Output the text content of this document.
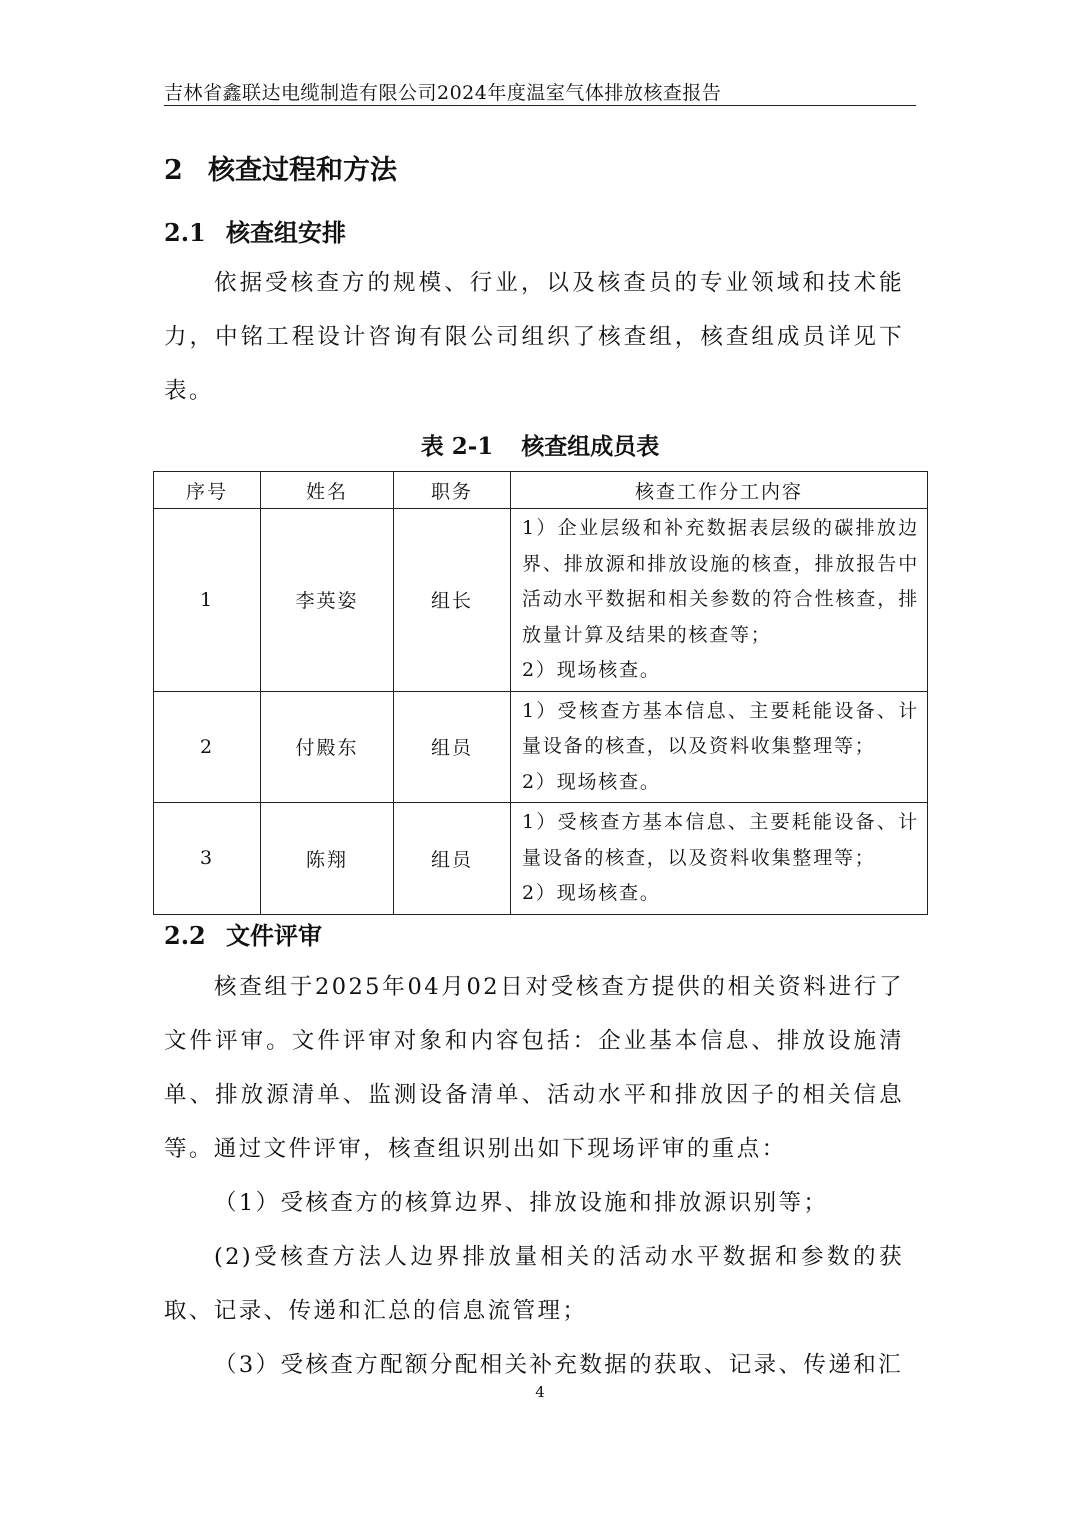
吉林省鑫联达电缆制造有限公司2024年度温室气体排放核查报告
2 核查过程和方法
2.1 核查组安排

依据受核查方的规模、行业，以及核查员的专业领域和技术能力，中铭工程设计咨询有限公司组织了核查组，核查组成员详见下表。

表 2-1 核查组成员表
序号	姓名	职务	核查工作分工内容
1	李英姿	组长	1）企业层级和补充数据表层级的碳排放边界、排放源和排放设施的核查，排放报告中活动水平数据和相关参数的符合性核查，排放量计算及结果的核查等；
2）现场核查。

2	付殿东	组员	1）受核查方基本信息、主要耗能设备、计量设备的核查，以及资料收集整理等；
2）现场核查。

3	陈翔	组员	1）受核查方基本信息、主要耗能设备、计量设备的核查，以及资料收集整理等；
2）现场核查。
2.2 文件评审

核查组于2025年04月02日对受核查方提供的相关资料进行了文件评审。文件评审对象和内容包括：企业基本信息、排放设施清单、排放源清单、监测设备清单、活动水平和排放因子的相关信息等。通过文件评审，核查组识别出如下现场评审的重点：

（1）受核查方的核算边界、排放设施和排放源识别等；

(2)受核查方法人边界排放量相关的活动水平数据和参数的获取、记录、传递和汇总的信息流管理；

（3）受核查方配额分配相关补充数据的获取、记录、传递和汇

4
